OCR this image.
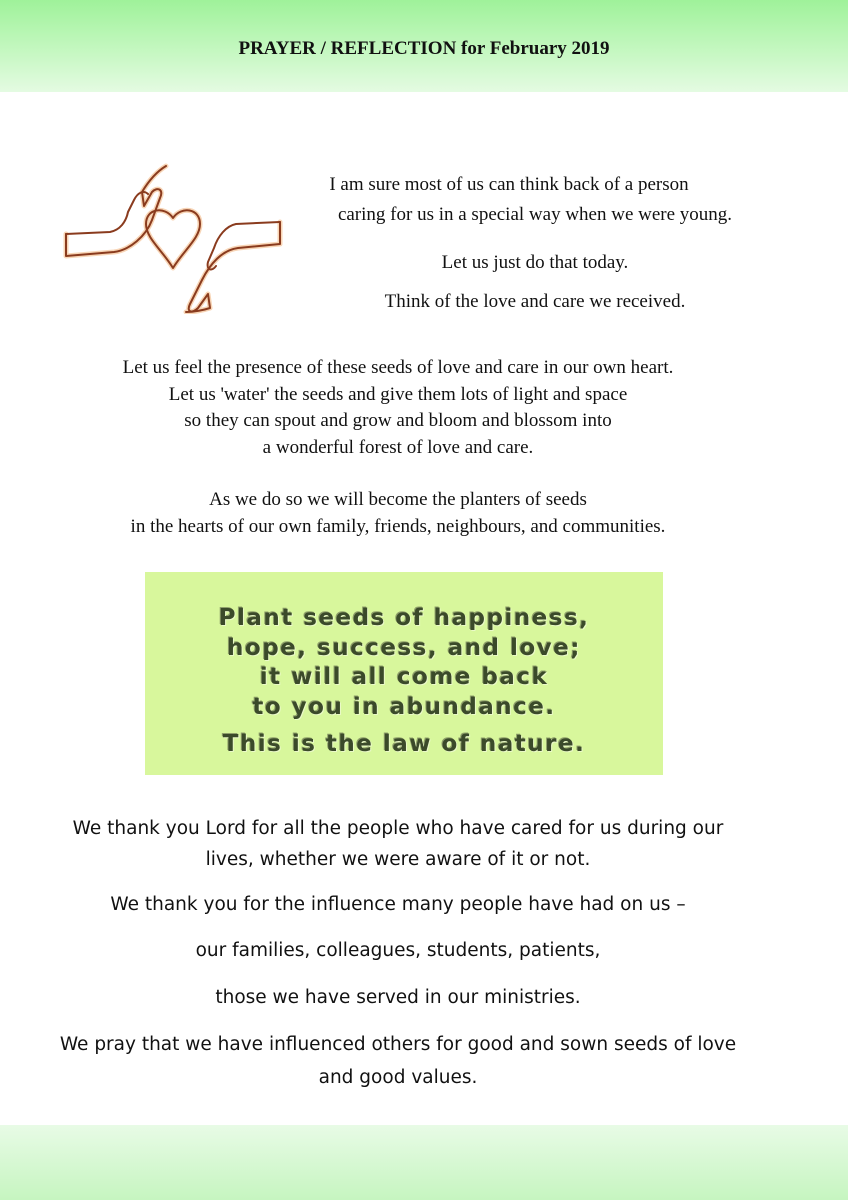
PRAYER / REFLECTION for February 2019
I am sure most of us can think back of a person
caring for us in a special way when we were young.
Let us just do that today.
Think of the love and care we received.
Let us feel the presence of these seeds of love and care in our own heart.
Let us 'water' the seeds and give them lots of light and space
so they can spout and grow and bloom and blossom into
a wonderful forest of love and care.
As we do so we will become the planters of seeds
in the hearts of our own family, friends, neighbours, and communities.
Plant seeds of happiness,
hope, success, and love;
it will all come back
to you in abundance.
This is the law of nature.
We thank you Lord for all the people who have cared for us during our
lives, whether we were aware of it or not.
We thank you for the influence many people have had on us –
our families, colleagues, students, patients,
those we have served in our ministries.
We pray that we have influenced others for good and sown seeds of love
and good values.
